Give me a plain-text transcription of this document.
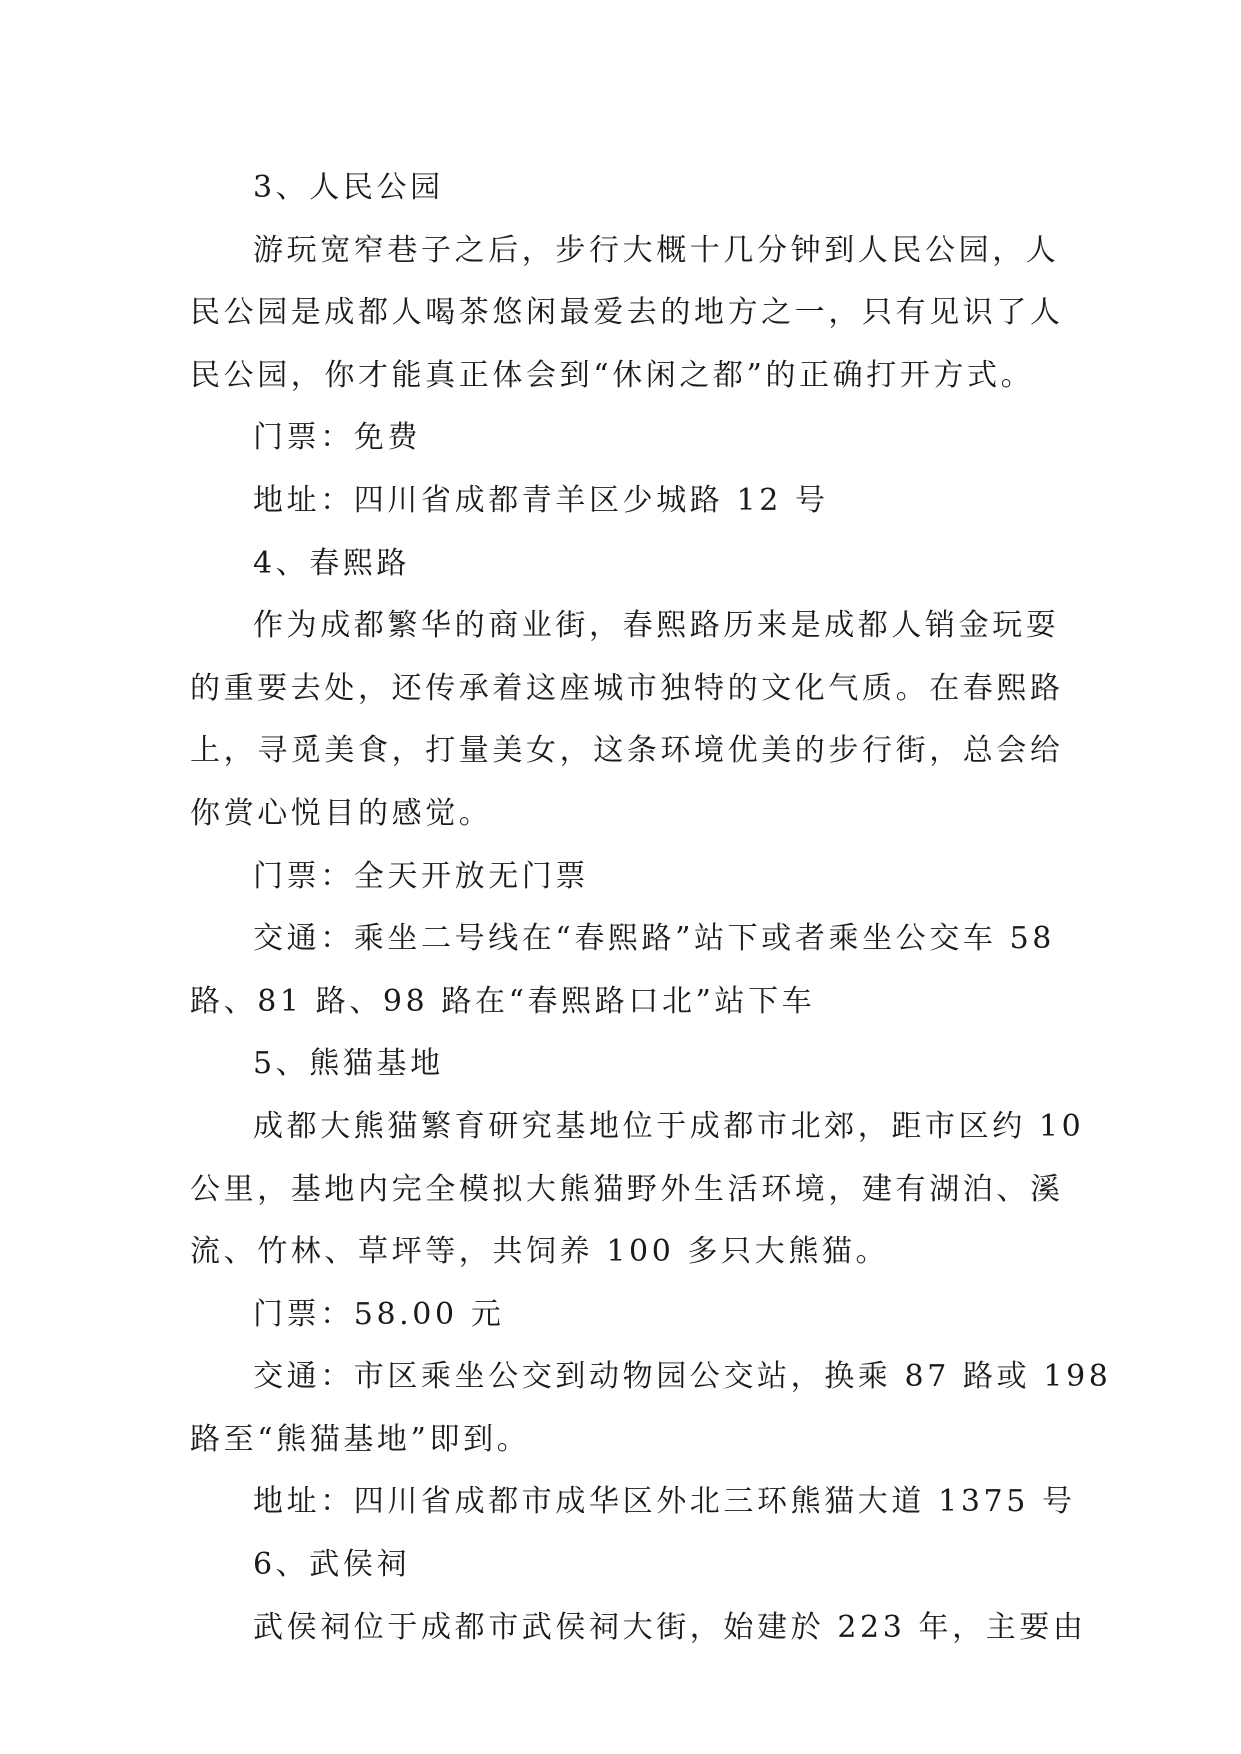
3、人民公园

游玩宽窄巷子之后，步行大概十几分钟到人民公园，人

民公园是成都人喝茶悠闲最爱去的地方之一，只有见识了人

民公园，你才能真正体会到“休闲之都”的正确打开方式。

门票：免费

地址：四川省成都青羊区少城路 12 号

4、春熙路

作为成都繁华的商业街，春熙路历来是成都人销金玩耍

的重要去处，还传承着这座城市独特的文化气质。在春熙路

上，寻觅美食，打量美女，这条环境优美的步行街，总会给

你赏心悦目的感觉。

门票：全天开放无门票

交通：乘坐二号线在“春熙路”站下或者乘坐公交车 58

路、81 路、98 路在“春熙路口北”站下车

5、熊猫基地

成都大熊猫繁育研究基地位于成都市北郊，距市区约 10

公里，基地内完全模拟大熊猫野外生活环境，建有湖泊、溪

流、竹林、草坪等，共饲养 100 多只大熊猫。

门票：58.00 元

交通：市区乘坐公交到动物园公交站，换乘 87 路或 198

路至“熊猫基地”即到。

地址：四川省成都市成华区外北三环熊猫大道 1375 号

6、武侯祠

武侯祠位于成都市武侯祠大街，始建於 223 年，主要由
